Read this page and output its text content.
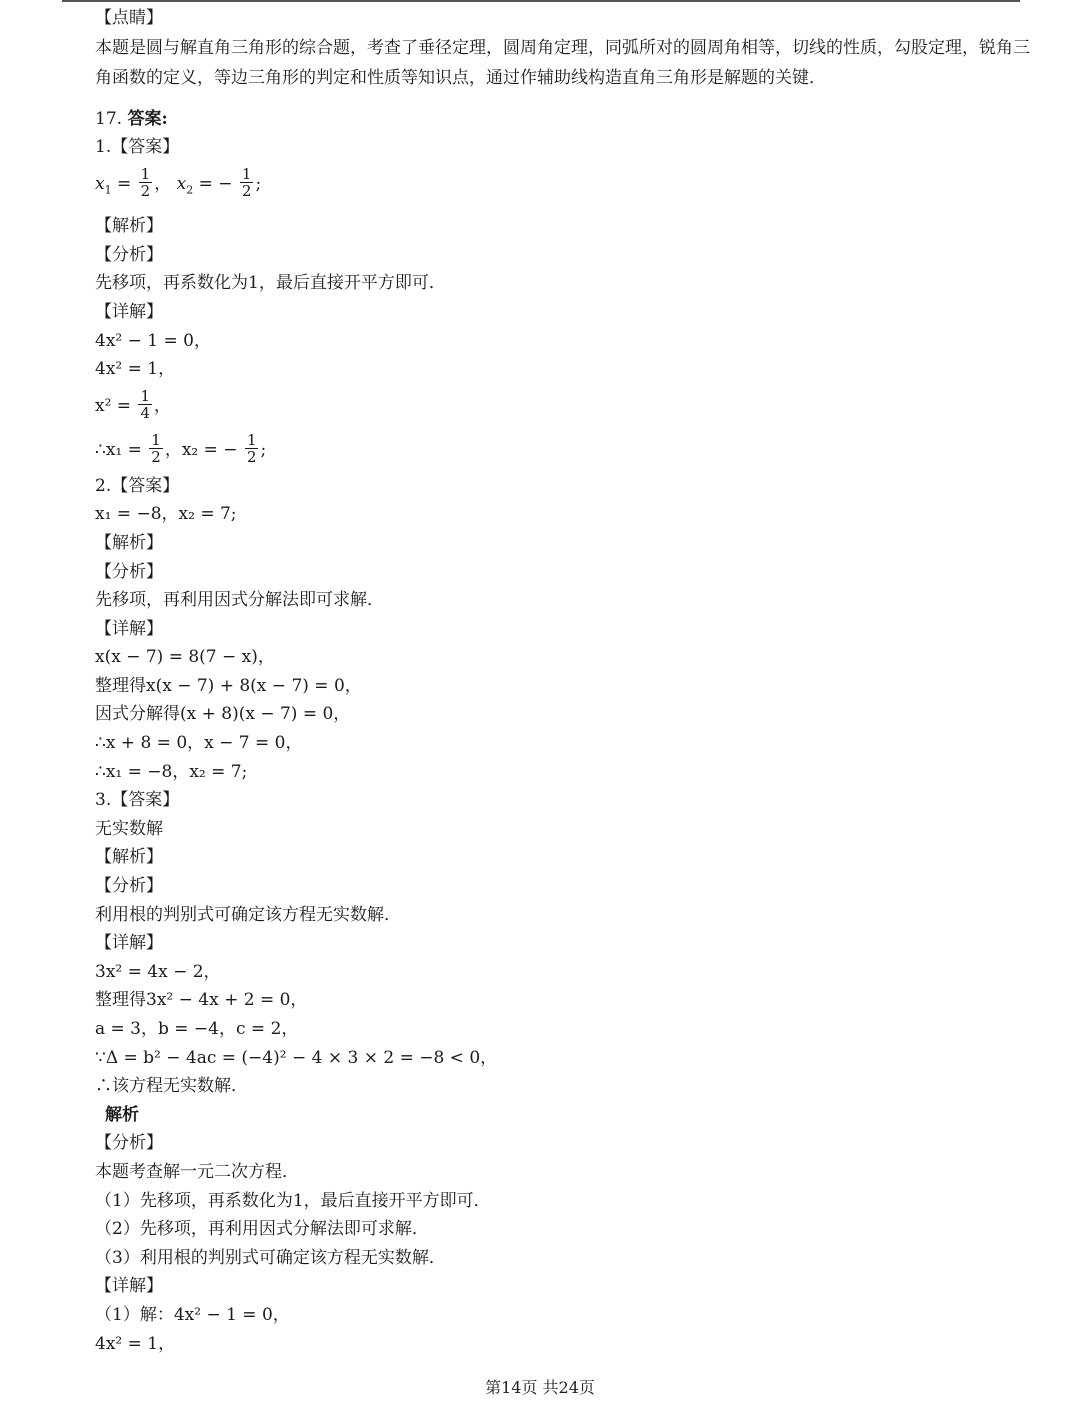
【点睛】
本题是圆与解直角三角形的综合题，考查了垂径定理，圆周角定理，同弧所对的圆周角相等，切线的性质，勾股定理，锐角三角函数的定义，等边三角形的判定和性质等知识点，通过作辅助线构造直角三角形是解题的关键．
17. 答案:
1.【答案】
$x_1 = \frac{1}{2}$ ， $x_2$ = − $\frac{1}{2}$ ;
【解析】
【分析】
先移项，再系数化为1，最后直接开平方即可．
【详解】
4x² − 1 = 0，
4x² = 1，
$x^2 = \frac{1}{4}$ ，
∴x₁ = $\frac{1}{2}$ ，x₂ = − $\frac{1}{2}$ ;
2.【答案】
x₁ = −8，x₂ = 7;
【解析】
【分析】
先移项，再利用因式分解法即可求解．
【详解】
x(x − 7) = 8(7 − x)，
整理得x(x − 7) + 8(x − 7) = 0，
因式分解得(x + 8)(x − 7) = 0，
∴x + 8 = 0，x − 7 = 0，
∴x₁ = −8，x₂ = 7;
3.【答案】
无实数解
【解析】
【分析】
利用根的判别式可确定该方程无实数解．
【详解】
3x² = 4x − 2，
整理得3x² − 4x + 2 = 0，
a = 3，b = −4，c = 2，
∵Δ = b² − 4ac = (−4)² − 4 × 3 × 2 = −8 < 0，
∴该方程无实数解．
解析
【分析】
本题考查解一元二次方程．
（1）先移项，再系数化为1，最后直接开平方即可．
（2）先移项，再利用因式分解法即可求解．
（3）利用根的判别式可确定该方程无实数解．
【详解】
（1）解：4x² − 1 = 0，
4x² = 1，
第14页 共24页
